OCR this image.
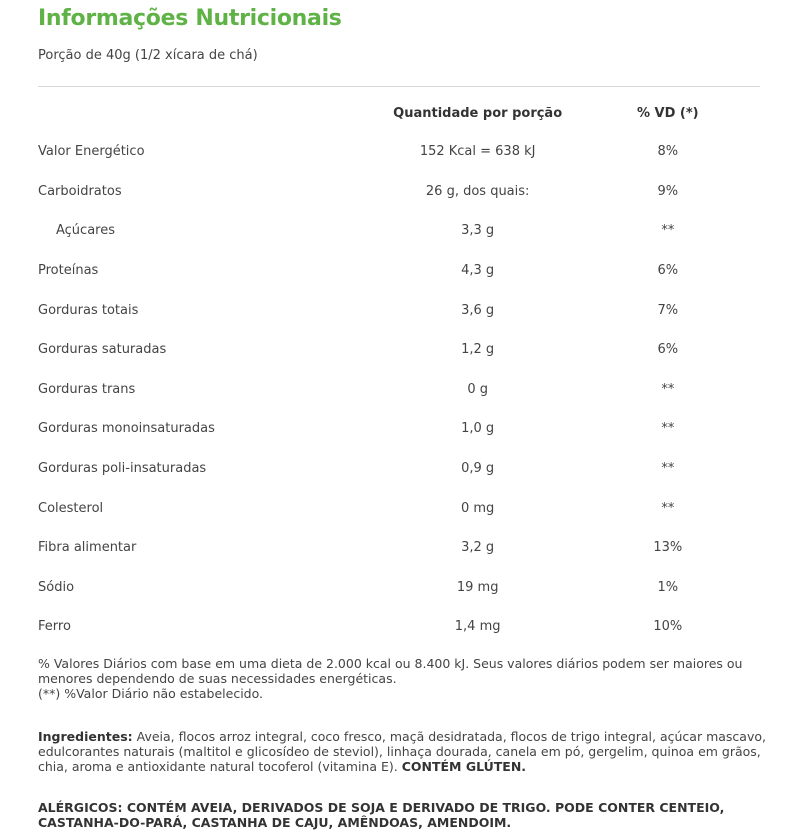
Informações Nutricionais
Porção de 40g (1/2 xícara de chá)
	Quantidade por porção	% VD (*)
Valor Energético	152 Kcal = 638 kJ	8%
Carboidratos	26 g, dos quais:	9%
Açúcares	3,3 g	**
Proteínas	4,3 g	6%
Gorduras totais	3,6 g	7%
Gorduras saturadas	1,2 g	6%
Gorduras trans	0 g	**
Gorduras monoinsaturadas	1,0 g	**
Gorduras poli-insaturadas	0,9 g	**
Colesterol	0 mg	**
Fibra alimentar	3,2 g	13%
Sódio	19 mg	1%
Ferro	1,4 mg	10%
% Valores Diários com base em uma dieta de 2.000 kcal ou 8.400 kJ. Seus valores diários podem ser maiores ou menores dependendo de suas necessidades energéticas.
(**) %Valor Diário não estabelecido.
Ingredientes: Aveia, flocos arroz integral, coco fresco, maçã desidratada, flocos de trigo integral, açúcar mascavo, edulcorantes naturais (maltitol e glicosídeo de steviol), linhaça dourada, canela em pó, gergelim, quinoa em grãos, chia, aroma e antioxidante natural tocoferol (vitamina E). CONTÉM GLÚTEN.
ALÉRGICOS: CONTÉM AVEIA, DERIVADOS DE SOJA E DERIVADO DE TRIGO. PODE CONTER CENTEIO, CASTANHA-DO-PARÁ, CASTANHA DE CAJU, AMÊNDOAS, AMENDOIM.
